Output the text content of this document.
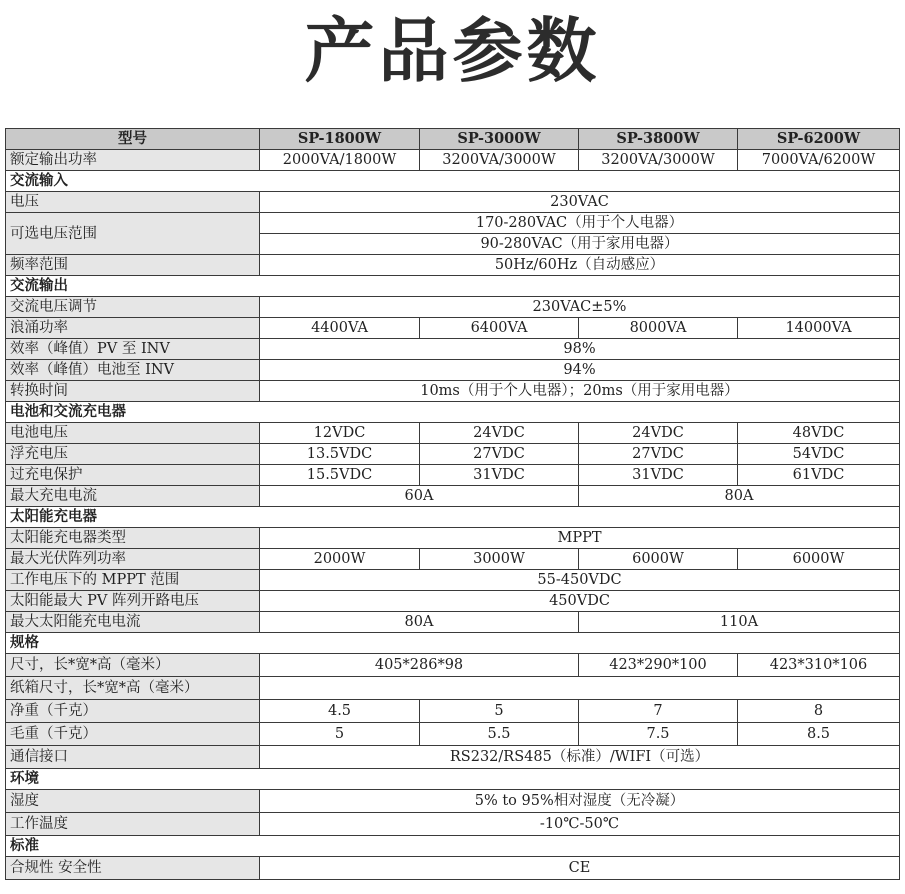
产品参数
型号	SP-1800W	SP-3000W	SP-3800W	SP-6200W
额定输出功率	2000VA/1800W	3200VA/3000W	3200VA/3000W	7000VA/6200W
交流输入				
电压	230VAC			
可选电压范围	170-280VAC（用于个人电器）			
	90-280VAC（用于家用电器）			
频率范围	50Hz/60Hz（自动感应）			
交流输出				
交流电压调节	230VAC±5%			
浪涌功率	4400VA	6400VA	8000VA	14000VA
效率（峰值）PV 至 INV	98%			
效率（峰值）电池至 INV	94%			
转换时间	10ms（用于个人电器）；20ms（用于家用电器）			
电池和交流充电器				
电池电压	12VDC	24VDC	24VDC	48VDC
浮充电压	13.5VDC	27VDC	27VDC	54VDC
过充电保护	15.5VDC	31VDC	31VDC	61VDC
最大充电电流	60A		80A	
太阳能充电器				
太阳能充电器类型	MPPT			
最大光伏阵列功率	2000W	3000W	6000W	6000W
工作电压下的 MPPT 范围	55-450VDC			
太阳能最大 PV 阵列开路电压	450VDC			
最大太阳能充电电流	80A		110A	
规格				
尺寸，长*宽*高（毫米）	405*286*98		423*290*100	423*310*106
纸箱尺寸，长*宽*高（毫米）				
净重（千克）	4.5	5	7	8
毛重（千克）	5	5.5	7.5	8.5
通信接口	RS232/RS485（标准）/WIFI（可选）			
环境				
湿度	5% to 95%相对湿度（无冷凝）			
工作温度	-10℃-50℃			
标准				
合规性 安全性	CE			
